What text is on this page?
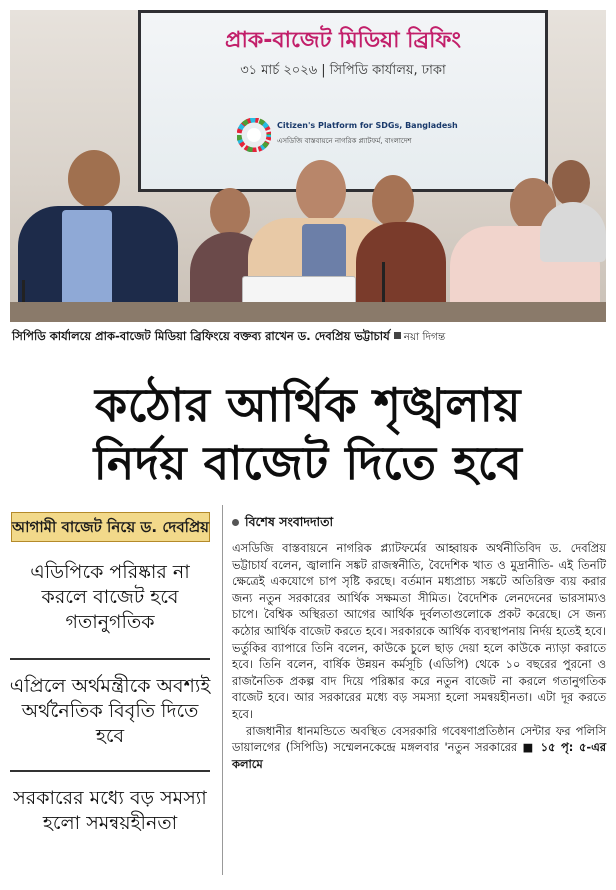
প্রাক-বাজেট মিডিয়া ব্রিফিং
৩১ মার্চ ২০২৬ | সিপিডি কার্যালয়, ঢাকা
Citizen's Platform for SDGs, Bangladesh
এসডিজি বাস্তবায়নে নাগরিক প্ল্যাটফর্ম, বাংলাদেশ
সিপিডি কার্যালয়ে প্রাক-বাজেট মিডিয়া ব্রিফিংয়ে বক্তব্য রাখেন ড. দেবপ্রিয় ভট্টাচার্য নয়া দিগন্ত
কঠোর আর্থিক শৃঙ্খলায়
নির্দয় বাজেট দিতে হবে
আগামী বাজেট নিয়ে ড. দেবপ্রিয়
এডিপিকে পরিষ্কার না করলে বাজেট হবে গতানুগতিক
এপ্রিলে অর্থমন্ত্রীকে অবশ্যই অর্থনৈতিক বিবৃতি দিতে হবে
সরকারের মধ্যে বড় সমস্যা হলো সমন্বয়হীনতা
বিশেষ সংবাদদাতা

এসডিজি বাস্তবায়নে নাগরিক প্ল্যাটফর্মের আহ্বায়ক অর্থনীতিবিদ ড. দেবপ্রিয় ভট্টাচার্য বলেন, জ্বালানি সঙ্কট রাজস্বনীতি, বৈদেশিক খাত ও মুদ্রানীতি- এই তিনটি ক্ষেত্রেই একযোগে চাপ সৃষ্টি করছে। বর্তমান মধ্যপ্রাচ্য সঙ্কটে অতিরিক্ত ব্যয় করার জন্য নতুন সরকারের আর্থিক সক্ষমতা সীমিত। বৈদেশিক লেনদেনের ভারসাম্যও চাপে। বৈশ্বিক অস্থিরতা আগের আর্থিক দুর্বলতাগুলোকে প্রকট করেছে। সে জন্য কঠোর আর্থিক বাজেট করতে হবে। সরকারকে আর্থিক ব্যবস্থাপনায় নির্দয় হতেই হবে। ভর্তুকির ব্যাপারে তিনি বলেন, কাউকে চুলে ছাড় দেয়া হলে কাউকে ন্যাড়া করাতে হবে। তিনি বলেন, বার্ষিক উন্নয়ন কর্মসূচি (এডিপি) থেকে ১০ বছরের পুরনো ও রাজনৈতিক প্রকল্প বাদ দিয়ে পরিষ্কার করে নতুন বাজেট না করলে গতানুগতিক বাজেট হবে। আর সরকারের মধ্যে বড় সমস্যা হলো সমন্বয়হীনতা। এটা দূর করতে হবে।

রাজধানীর ধানমন্ডিতে অবস্থিত বেসরকারি গবেষণাপ্রতিষ্ঠান সেন্টার ফর পলিসি ডায়ালগের (সিপিডি) সম্মেলনকেন্দ্রে মঙ্গলবার 'নতুন সরকারের ■ ১৫ পৃ: ৫-এর কলামে
